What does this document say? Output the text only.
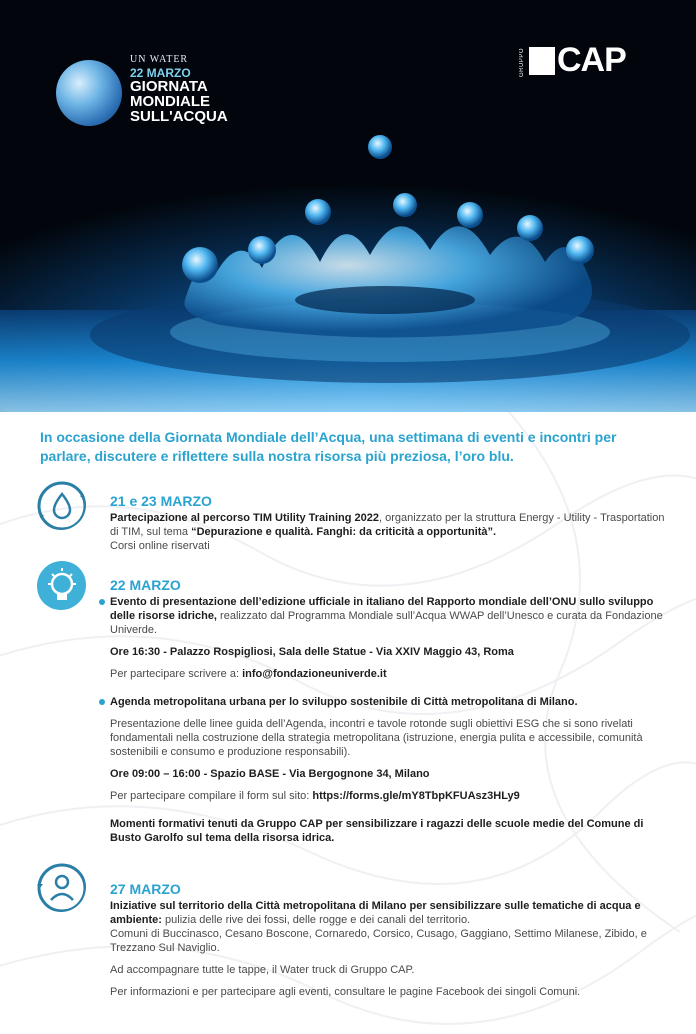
UN WATER
22 MARZO
GIORNATA
MONDIALE
SULL'ACQUA
GRUPPO CAP
In occasione della Giornata Mondiale dell’Acqua, una settimana di eventi e incontri per parlare, discutere e riflettere sulla nostra risorsa più preziosa, l’oro blu.
21 e 23 MARZO
Partecipazione al percorso TIM Utility Training 2022, organizzato per la struttura Energy - Utility - Trasportation di TIM, sul tema “Depurazione e qualità. Fanghi: da criticità a opportunità”.
Corsi online riservati
22 MARZO
Evento di presentazione dell’edizione ufficiale in italiano del Rapporto mondiale dell’ONU sullo sviluppo delle risorse idriche, realizzato dal Programma Mondiale sull’Acqua WWAP dell’Unesco e curata da Fondazione Univerde.
Ore 16:30 - Palazzo Rospigliosi, Sala delle Statue - Via XXIV Maggio 43, Roma
Per partecipare scrivere a: info@fondazioneuniverde.it
Agenda metropolitana urbana per lo sviluppo sostenibile di Città metropolitana di Milano.
Presentazione delle linee guida dell’Agenda, incontri e tavole rotonde sugli obiettivi ESG che si sono rivelati fondamentali nella costruzione della strategia metropolitana (istruzione, energia pulita e accessibile, comunità sostenibili e consumo e produzione responsabili).
Ore 09:00 – 16:00 - Spazio BASE - Via Bergognone 34, Milano
Per partecipare compilare il form sul sito: https://forms.gle/mY8TbpKFUAsz3HLy9
Momenti formativi tenuti da Gruppo CAP per sensibilizzare i ragazzi delle scuole medie del Comune di Busto Garolfo sul tema della risorsa idrica.
27 MARZO
Iniziative sul territorio della Città metropolitana di Milano per sensibilizzare sulle tematiche di acqua e ambiente: pulizia delle rive dei fossi, delle rogge e dei canali del territorio.
Comuni di Buccinasco, Cesano Boscone, Cornaredo, Corsico, Cusago, Gaggiano, Settimo Milanese, Zibido, e Trezzano Sul Naviglio.
Ad accompagnare tutte le tappe, il Water truck di Gruppo CAP.
Per informazioni e per partecipare agli eventi, consultare le pagine Facebook dei singoli Comuni.
